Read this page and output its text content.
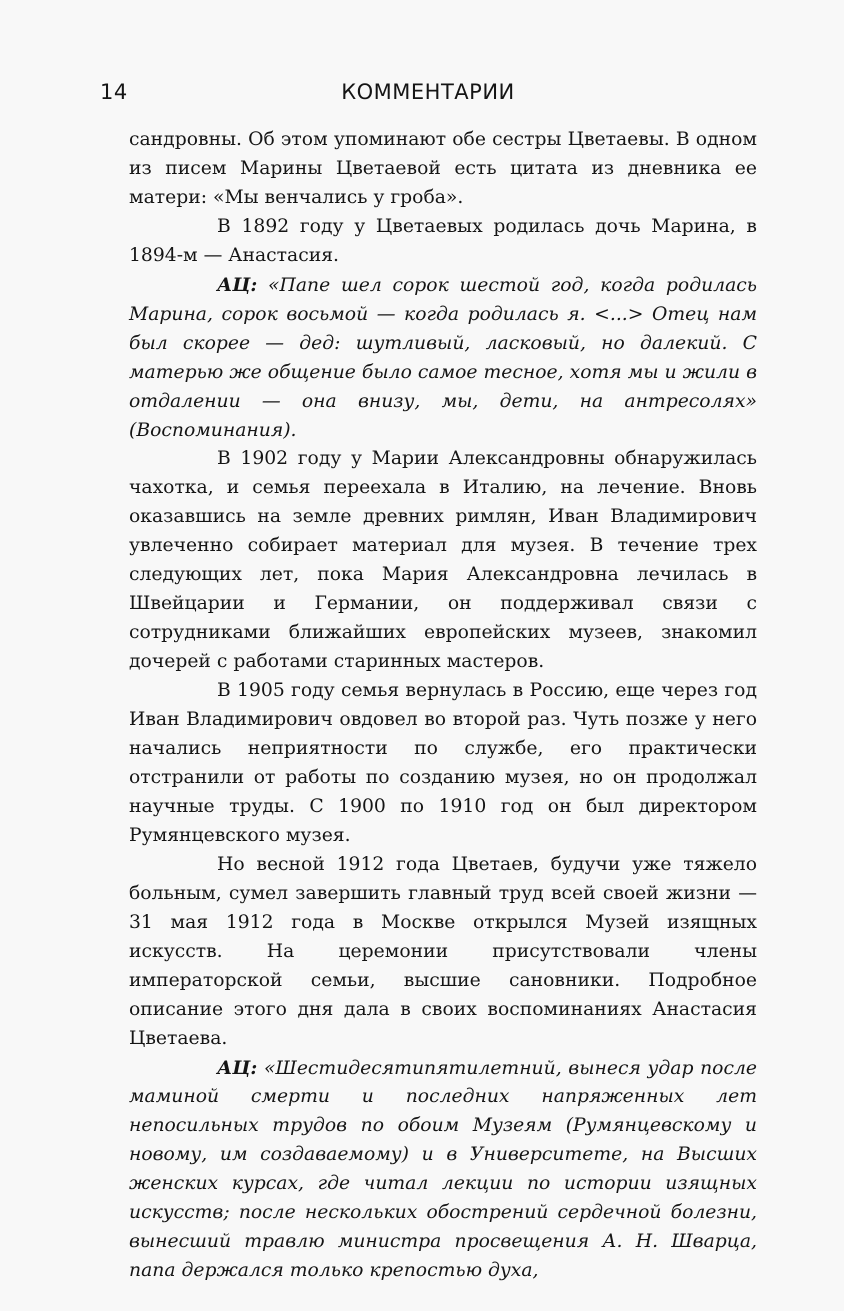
14	КОММЕНТАРИИ

сандровны. Об этом упоминают обе сестры Цветаевы. В одном из писем Марины Цветаевой есть цитата из дневника ее матери: «Мы венчались у гроба».

В 1892 году у Цветаевых родилась дочь Марина, в 1894-м — Анастасия.

АЦ: «Папе шел сорок шестой год, когда родилась Марина, сорок восьмой — когда родилась я. <...> Отец нам был скорее — дед: шутливый, ласковый, но далекий. С матерью же общение было самое тесное, хотя мы и жили в отдалении — она внизу, мы, дети, на антресолях» (Воспоминания).

В 1902 году у Марии Александровны обнаружилась чахотка, и семья переехала в Италию, на лечение. Вновь оказавшись на земле древних римлян, Иван Владимирович увлеченно собирает материал для музея. В течение трех следующих лет, пока Мария Александровна лечилась в Швейцарии и Германии, он поддерживал связи с сотрудниками ближайших европейских музеев, знакомил дочерей с работами старинных мастеров.

В 1905 году семья вернулась в Россию, еще через год Иван Владимирович овдовел во второй раз. Чуть позже у него начались неприятности по службе, его практически отстранили от работы по созданию музея, но он продолжал научные труды. С 1900 по 1910 год он был директором Румянцевского музея.

Но весной 1912 года Цветаев, будучи уже тяжело больным, сумел завершить главный труд всей своей жизни — 31 мая 1912 года в Москве открылся Музей изящных искусств. На церемонии присутствовали члены императорской семьи, высшие сановники. Подробное описание этого дня дала в своих воспоминаниях Анастасия Цветаева.

АЦ: «Шестидесятипятилетний, вынеся удар после маминой смерти и последних напряженных лет непосильных трудов по обоим Музеям (Румянцевскому и новому, им создаваемому) и в Университете, на Высших женских курсах, где читал лекции по истории изящных искусств; после нескольких обострений сердечной болезни, вынесший травлю министра просвещения А. Н. Шварца, папа держался только крепостью духа,
